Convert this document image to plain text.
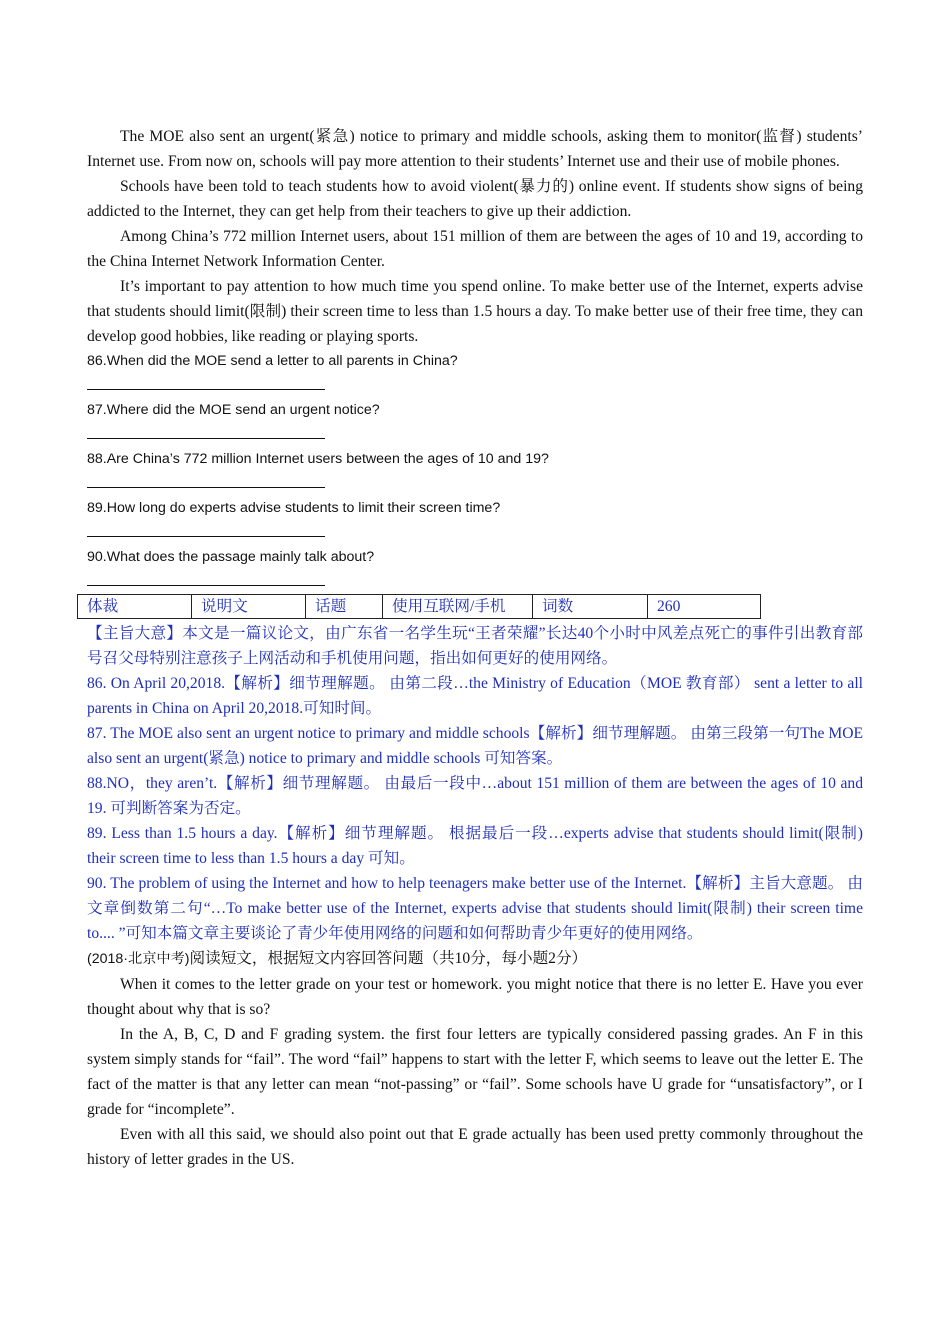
The MOE also sent an urgent(紧急) notice to primary and middle schools, asking them to monitor(监督) students’ Internet use. From now on, schools will pay more attention to their students’ Internet use and their use of mobile phones.

Schools have been told to teach students how to avoid violent(暴力的) online event. If students show signs of being addicted to the Internet, they can get help from their teachers to give up their addiction.

Among China’s 772 million Internet users, about 151 million of them are between the ages of 10 and 19, according to the China Internet Network Information Center.

It’s important to pay attention to how much time you spend online. To make better use of the Internet, experts advise that students should limit(限制) their screen time to less than 1.5 hours a day. To make better use of their free time, they can develop good hobbies, like reading or playing sports.

86.When did the MOE send a letter to all parents in China?

87.Where did the MOE send an urgent notice?

88.Are China’s 772 million Internet users between the ages of 10 and 19?

89.How long do experts advise students to limit their screen time?

90.What does the passage mainly talk about?

体裁	说明文	话题	使用互联网/手机	词数	260

【主旨大意】本文是一篇议论文，由广东省一名学生玩“王者荣耀”长达40个小时中风差点死亡的事件引出教育部号召父母特别注意孩子上网活动和手机使用问题，指出如何更好的使用网络。

86. On April 20,2018.【解析】细节理解题。 由第二段…the Ministry of Education（MOE 教育部） sent a letter to all parents in China on April 20,2018.可知时间。

87. The MOE also sent an urgent notice to primary and middle schools【解析】细节理解题。 由第三段第一句The MOE also sent an urgent(紧急) notice to primary and middle schools 可知答案。

88.NO，they aren’t.【解析】细节理解题。 由最后一段中…about 151 million of them are between the ages of 10 and 19. 可判断答案为否定。

89. Less than 1.5 hours a day.【解析】细节理解题。 根据最后一段…experts advise that students should limit(限制) their screen time to less than 1.5 hours a day 可知。

90. The problem of using the Internet and how to help teenagers make better use of the Internet.【解析】主旨大意题。 由文章倒数第二句“…To make better use of the Internet, experts advise that students should limit(限制) their screen time to.... ”可知本篇文章主要谈论了青少年使用网络的问题和如何帮助青少年更好的使用网络。

(2018·北京中考)阅读短文，根据短文内容回答问题（共10分，每小题2分）

When it comes to the letter grade on your test or homework. you might notice that there is no letter E. Have you ever thought about why that is so?

In the A, B, C, D and F grading system. the first four letters are typically considered passing grades. An F in this system simply stands for “fail”. The word “fail” happens to start with the letter F, which seems to leave out the letter E. The fact of the matter is that any letter can mean “not-passing” or “fail”. Some schools have U grade for “unsatisfactory”, or I grade for “incomplete”.

Even with all this said, we should also point out that E grade actually has been used pretty commonly throughout the history of letter grades in the US.
